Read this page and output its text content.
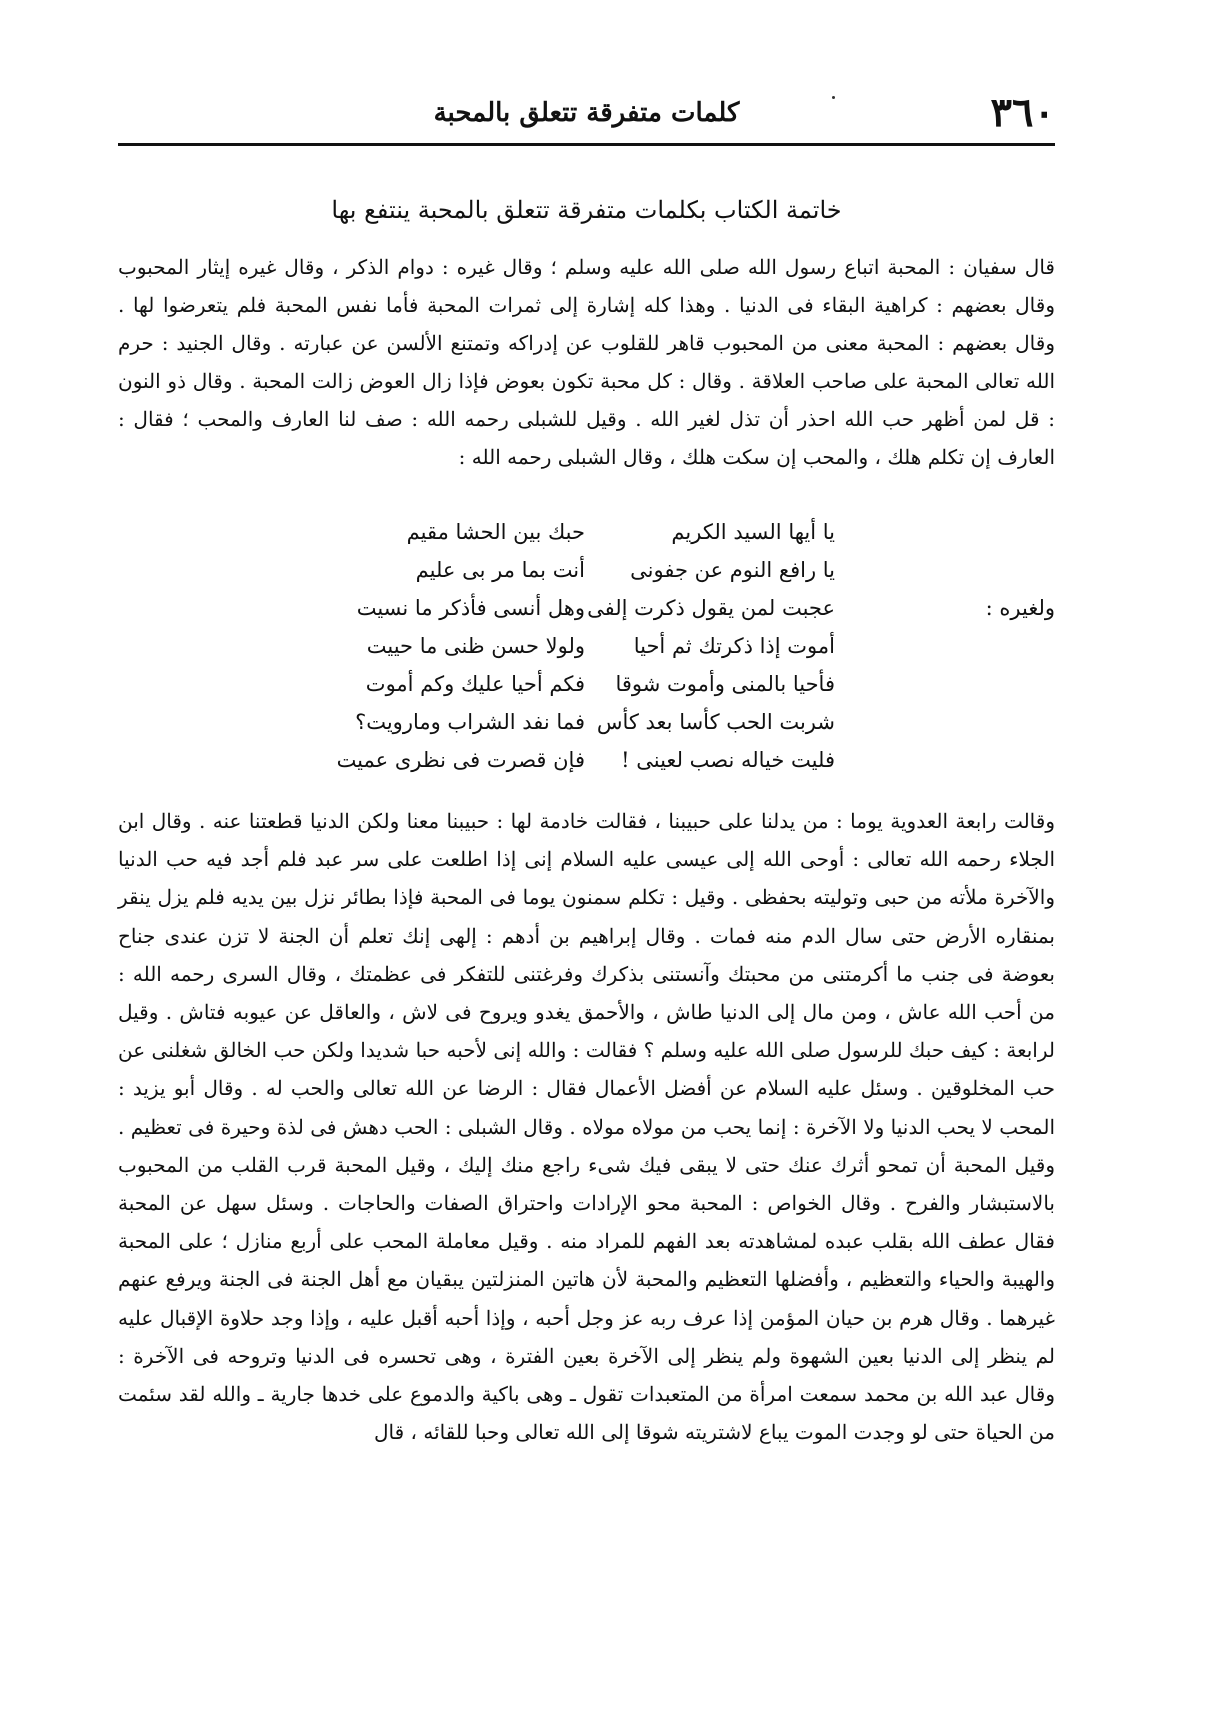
٣٦٠
كلمات متفرقة تتعلق بالمحبة
خاتمة الكتاب بكلمات متفرقة تتعلق بالمحبة ينتفع بها
قال سفيان : المحبة اتباع رسول الله صلى الله عليه وسلم ؛ وقال غيره : دوام الذكر ، وقال غيره إيثار المحبوب وقال بعضهم : كراهية البقاء فى الدنيا . وهذا كله إشارة إلى ثمرات المحبة فأما نفس المحبة فلم يتعرضوا لها . وقال بعضهم : المحبة معنى من المحبوب قاهر للقلوب عن إدراكه وتمتنع الألسن عن عبارته . وقال الجنيد : حرم الله تعالى المحبة على صاحب العلاقة . وقال : كل محبة تكون بعوض فإذا زال العوض زالت المحبة . وقال ذو النون : قل لمن أظهر حب الله احذر أن تذل لغير الله . وقيل للشبلى رحمه الله : صف لنا العارف والمحب ؛ فقال : العارف إن تكلم هلك ، والمحب إن سكت هلك ، وقال الشبلى رحمه الله :
ولغيره :
يا أيها السيد الكريم
حبك بين الحشا مقيم
يا رافع النوم عن جفونى
أنت بما مر بى عليم
عجبت لمن يقول ذكرت إلفى
وهل أنسى فأذكر ما نسيت
أموت إذا ذكرتك ثم أحيا
ولولا حسن ظنى ما حييت
فأحيا بالمنى وأموت شوقا
فكم أحيا عليك وكم أموت
شربت الحب كأسا بعد كأس
فما نفد الشراب ومارويت؟
فليت خياله نصب لعينى !
فإن قصرت فى نظرى عميت
وقالت رابعة العدوية يوما : من يدلنا على حبيبنا ، فقالت خادمة لها : حبيبنا معنا ولكن الدنيا قطعتنا عنه . وقال ابن الجلاء رحمه الله تعالى : أوحى الله إلى عيسى عليه السلام إنى إذا اطلعت على سر عبد فلم أجد فيه حب الدنيا والآخرة ملأته من حبى وتوليته بحفظى . وقيل : تكلم سمنون يوما فى المحبة فإذا بطائر نزل بين يديه فلم يزل ينقر بمنقاره الأرض حتى سال الدم منه فمات . وقال إبراهيم بن أدهم : إلهى إنك تعلم أن الجنة لا تزن عندى جناح بعوضة فى جنب ما أكرمتنى من محبتك وآنستنى بذكرك وفرغتنى للتفكر فى عظمتك ، وقال السرى رحمه الله : من أحب الله عاش ، ومن مال إلى الدنيا طاش ، والأحمق يغدو ويروح فى لاش ، والعاقل عن عيوبه فتاش . وقيل لرابعة : كيف حبك للرسول صلى الله عليه وسلم ؟ فقالت : والله إنى لأحبه حبا شديدا ولكن حب الخالق شغلنى عن حب المخلوقين . وسئل عليه السلام عن أفضل الأعمال فقال : الرضا عن الله تعالى والحب له . وقال أبو يزيد : المحب لا يحب الدنيا ولا الآخرة : إنما يحب من مولاه مولاه . وقال الشبلى : الحب دهش فى لذة وحيرة فى تعظيم . وقيل المحبة أن تمحو أثرك عنك حتى لا يبقى فيك شىء راجع منك إليك ، وقيل المحبة قرب القلب من المحبوب بالاستبشار والفرح . وقال الخواص : المحبة محو الإرادات واحتراق الصفات والحاجات . وسئل سهل عن المحبة فقال عطف الله بقلب عبده لمشاهدته بعد الفهم للمراد منه . وقيل معاملة المحب على أربع منازل ؛ على المحبة والهيبة والحياء والتعظيم ، وأفضلها التعظيم والمحبة لأن هاتين المنزلتين يبقيان مع أهل الجنة فى الجنة ويرفع عنهم غيرهما . وقال هرم بن حيان المؤمن إذا عرف ربه عز وجل أحبه ، وإذا أحبه أقبل عليه ، وإذا وجد حلاوة الإقبال عليه لم ينظر إلى الدنيا بعين الشهوة ولم ينظر إلى الآخرة بعين الفترة ، وهى تحسره فى الدنيا وتروحه فى الآخرة : وقال عبد الله بن محمد سمعت امرأة من المتعبدات تقول ـ وهى باكية والدموع على خدها جارية ـ والله لقد سئمت من الحياة حتى لو وجدت الموت يباع لاشتريته شوقا إلى الله تعالى وحبا للقائه ، قال
